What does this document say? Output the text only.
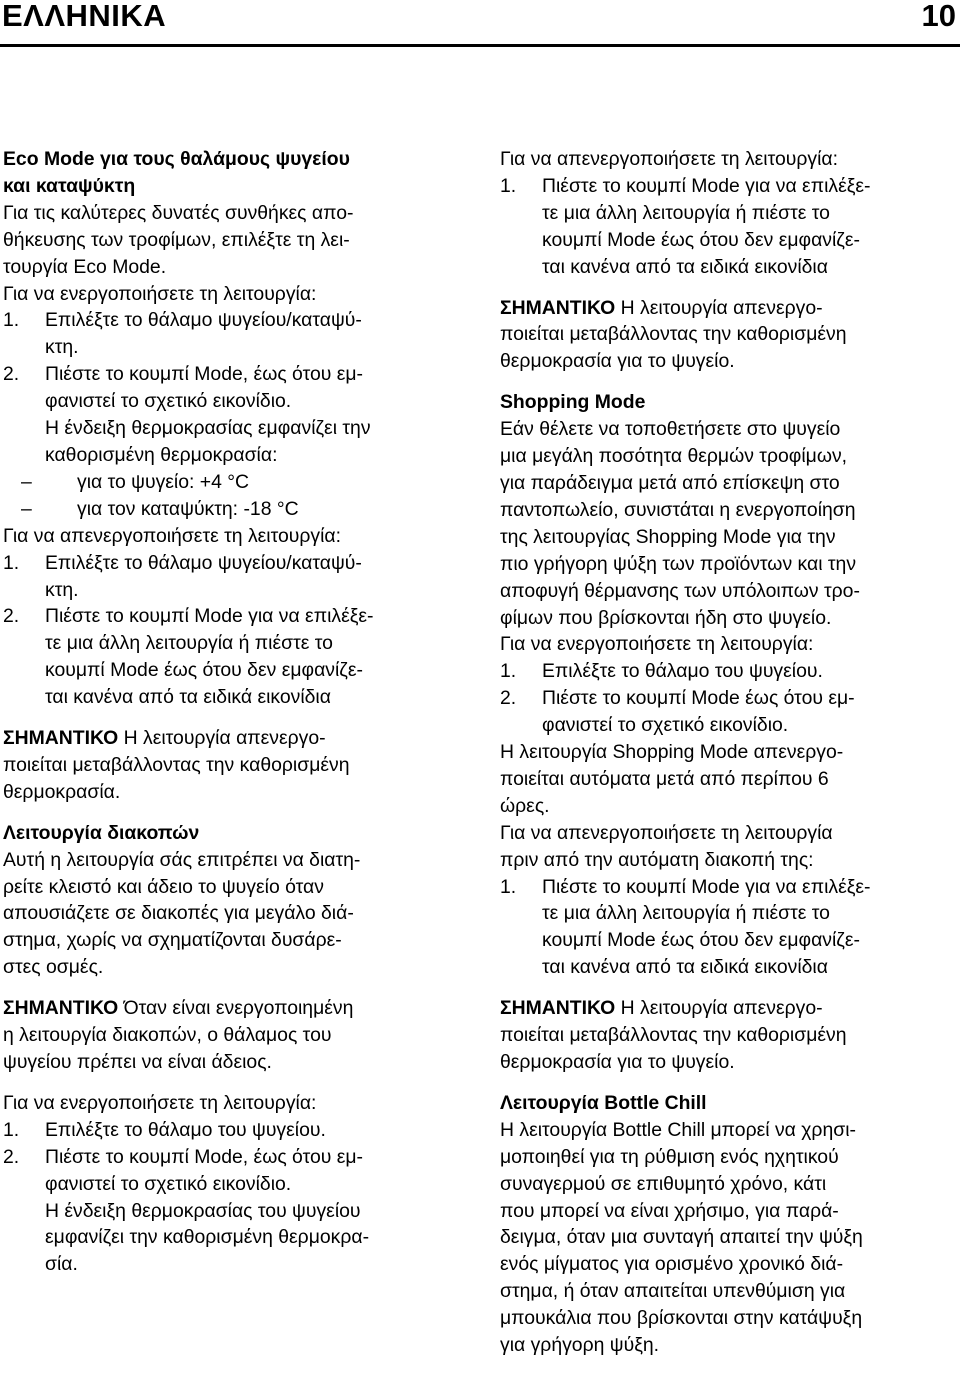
ΕΛΛΗΝΙΚΑ	10
Eco Mode για τους θαλάμους ψυγείου
και καταψύκτη
Για τις καλύτερες δυνατές συνθήκες απο-
θήκευσης των τροφίμων, επιλέξτε τη λει-
τουργία Eco Mode.
Για να ενεργοποιήσετε τη λειτουργία:
1. Επιλέξτε το θάλαμο ψυγείου/καταψύ-
κτη.
2. Πιέστε το κουμπί Mode, έως ότου εμ-
φανιστεί το σχετικό εικονίδιο.
Η ένδειξη θερμοκρασίας εμφανίζει την
καθορισμένη θερμοκρασία:
– για το ψυγείο: +4 °C
– για τον καταψύκτη: -18 °C
Για να απενεργοποιήσετε τη λειτουργία:
1. Επιλέξτε το θάλαμο ψυγείου/καταψύ-
κτη.
2. Πιέστε το κουμπί Mode για να επιλέξε-
τε μια άλλη λειτουργία ή πιέστε το
κουμπί Mode έως ότου δεν εμφανίζε-
ται κανένα από τα ειδικά εικονίδια
ΣΗΜΑΝΤΙΚΟ Η λειτουργία απενεργο-
ποιείται μεταβάλλοντας την καθορισμένη
θερμοκρασία.
Λειτουργία διακοπών
Αυτή η λειτουργία σάς επιτρέπει να διατη-
ρείτε κλειστό και άδειο το ψυγείο όταν
απουσιάζετε σε διακοπές για μεγάλο διά-
στημα, χωρίς να σχηματίζονται δυσάρε-
στες οσμές.
ΣΗΜΑΝΤΙΚΟ Όταν είναι ενεργοποιημένη
η λειτουργία διακοπών, ο θάλαμος του
ψυγείου πρέπει να είναι άδειος.
Για να ενεργοποιήσετε τη λειτουργία:
1. Επιλέξτε το θάλαμο του ψυγείου.
2. Πιέστε το κουμπί Mode, έως ότου εμ-
φανιστεί το σχετικό εικονίδιο.
Η ένδειξη θερμοκρασίας του ψυγείου
εμφανίζει την καθορισμένη θερμοκρα-
σία.
Για να απενεργοποιήσετε τη λειτουργία:
1. Πιέστε το κουμπί Mode για να επιλέξε-
τε μια άλλη λειτουργία ή πιέστε το
κουμπί Mode έως ότου δεν εμφανίζε-
ται κανένα από τα ειδικά εικονίδια
ΣΗΜΑΝΤΙΚΟ Η λειτουργία απενεργο-
ποιείται μεταβάλλοντας την καθορισμένη
θερμοκρασία για το ψυγείο.
Shopping Mode
Εάν θέλετε να τοποθετήσετε στο ψυγείο
μια μεγάλη ποσότητα θερμών τροφίμων,
για παράδειγμα μετά από επίσκεψη στο
παντοπωλείο, συνιστάται η ενεργοποίηση
της λειτουργίας Shopping Mode για την
πιο γρήγορη ψύξη των προϊόντων και την
αποφυγή θέρμανσης των υπόλοιπων τρο-
φίμων που βρίσκονται ήδη στο ψυγείο.
Για να ενεργοποιήσετε τη λειτουργία:
1. Επιλέξτε το θάλαμο του ψυγείου.
2. Πιέστε το κουμπί Mode έως ότου εμ-
φανιστεί το σχετικό εικονίδιο.
Η λειτουργία Shopping Mode απενεργο-
ποιείται αυτόματα μετά από περίπου 6
ώρες.
Για να απενεργοποιήσετε τη λειτουργία
πριν από την αυτόματη διακοπή της:
1. Πιέστε το κουμπί Mode για να επιλέξε-
τε μια άλλη λειτουργία ή πιέστε το
κουμπί Mode έως ότου δεν εμφανίζε-
ται κανένα από τα ειδικά εικονίδια
ΣΗΜΑΝΤΙΚΟ Η λειτουργία απενεργο-
ποιείται μεταβάλλοντας την καθορισμένη
θερμοκρασία για το ψυγείο.
Λειτουργία Bottle Chill
Η λειτουργία Bottle Chill μπορεί να χρησι-
μοποιηθεί για τη ρύθμιση ενός ηχητικού
συναγερμού σε επιθυμητό χρόνο, κάτι
που μπορεί να είναι χρήσιμο, για παρά-
δειγμα, όταν μια συνταγή απαιτεί την ψύξη
ενός μίγματος για ορισμένο χρονικό διά-
στημα, ή όταν απαιτείται υπενθύμιση για
μπουκάλια που βρίσκονται στην κατάψυξη
για γρήγορη ψύξη.
